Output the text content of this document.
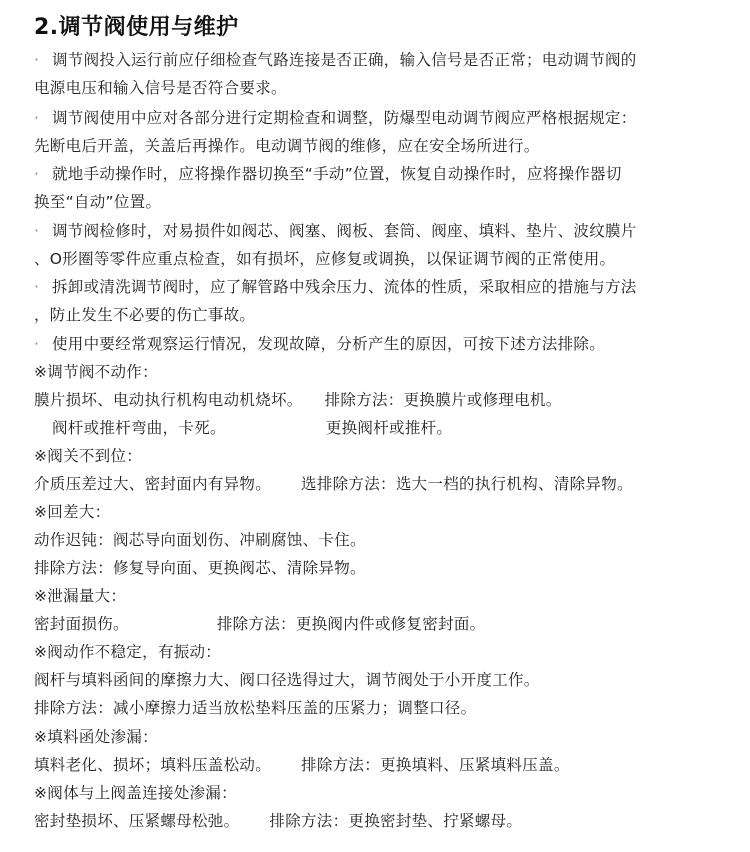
2.调节阀使用与维护
· 调节阀投入运行前应仔细检查气路连接是否正确，输入信号是否正常；电动调节阀的
电源电压和输入信号是否符合要求。
· 调节阀使用中应对各部分进行定期检查和调整，防爆型电动调节阀应严格根据规定：
先断电后开盖，关盖后再操作。电动调节阀的维修，应在安全场所进行。
· 就地手动操作时，应将操作器切换至“手动”位置，恢复自动操作时，应将操作器切
换至“自动”位置。
· 调节阀检修时，对易损件如阀芯、阀塞、阀板、套筒、阀座、填料、垫片、波纹膜片
、O形圈等零件应重点检查，如有损坏，应修复或调换，以保证调节阀的正常使用。
· 拆卸或清洗调节阀时，应了解管路中残余压力、流体的性质，采取相应的措施与方法
，防止发生不必要的伤亡事故。
· 使用中要经常观察运行情况，发现故障，分析产生的原因，可按下述方法排除。
※调节阀不动作：
膜片损坏、电动执行机构电动机烧坏。 排除方法：更换膜片或修理电机。
阀杆或推杆弯曲，卡死。	更换阀杆或推杆。
※阀关不到位：
介质压差过大、密封面内有异物。 选排除方法：选大一档的执行机构、清除异物。
※回差大：
动作迟钝：阀芯导向面划伤、冲刷腐蚀、卡住。
排除方法：修复导向面、更换阀芯、清除异物。
※泄漏量大：
密封面损伤。	排除方法：更换阀内件或修复密封面。
※阀动作不稳定，有振动：
阀杆与填料函间的摩擦力大、阀口径选得过大，调节阀处于小开度工作。
排除方法：减小摩擦力适当放松垫料压盖的压紧力；调整口径。
※填料函处渗漏：
填料老化、损坏；填料压盖松动。 排除方法：更换填料、压紧填料压盖。
※阀体与上阀盖连接处渗漏：
密封垫损坏、压紧螺母松弛。 排除方法：更换密封垫、拧紧螺母。
